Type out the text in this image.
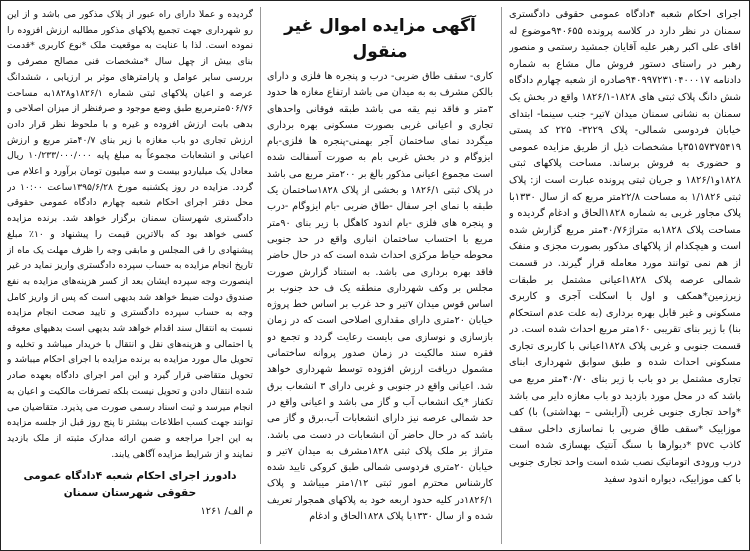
اجرای احکام شعبه ۴دادگاه عمومی حقوقی دادگستری سمنان در نظر دارد در کلاسه پرونده ۹۴۰۶۵۵موضوع له اقای علی اکبر رهبر علیه آقایان جمشید رستمی و منصور رهبر در راستای دستور فروش مال مشاع به شماره دادنامه ۹۴۰۹۹۷۲۳۱۰۴۰۰۰۱۷صادره از شعبه چهارم دادگاه شش دانگ پلاک ثبتی های ۱۸۲۸-۱۸۲۶/۱ واقع در بخش یک سمنان به نشانی سمنان میدان ۷تیر- جنب سینما- ابتدای خیابان فردوسی شمالی- پلاک ۳۲۲۹- ۲۲۵ کد پستی ۳۵۱۵۷۳۷۵۴۱۹با مشخصات ذیل از طریق مزایده عمومی و حضوری به فروش برساند. مساحت پلاکهای ثبتی ۱۸۲۸و۱۸۲۶/۱ و جریان ثبتی پرونده عبارت است از: پلاک ثبتی ۱/۱۸۲۶ به مساحت ۲۲/۸متر مربع که از سال ۱۳۳۰با پلاک مجاور غربی به شماره ۱۸۲۸الحاق و ادغام گردیده و مساحت پلاک ۱۸۲۸به متراژ۴۰/۷۶متر مربع گزارش شده است و هیچکدام از پلاکهای مذکور بصورت مجزی و منفک از هم نمی توانند مورد معامله قرار گیرند. در قسمت شمالی عرصه پلاک ۱۸۲۸اعیانی مشتمل بر طبقات زیرزمین*همکف و اول با اسکلت آجری و کاربری مسکونی و غیر قابل بهره برداری (به علت عدم استحکام بنا) با زیر بنای تقریبی ۱۶۰متر مربع احداث شده است. در قسمت جنوبی و غربی پلاک ۱۸۲۸اعیانی با کاربری تجاری مسکونی احداث شده و طبق سوابق شهرداری ابنای تجاری مشتمل بر دو باب با زیر بنای ۴۰/۷۰متر مربع می باشد که در محل مورد بازدید دو باب مغازه دایر می باشد *واحد تجاری جنوبی غربی (آرایشی – بهداشتی) با) کف موزاییک *سقف طاق ضربی با نماسازی داخلی سقف کاذب pvc *دیوارها با سنگ آنتیک بهسازی شده است درب ورودی اتوماتیک نصب شده است واحد تجاری جنوبی با کف موزاییک، دیواره اندود سفید

آگهی مزایده اموال غیر منقول

کاری- سقف طاق ضربی- درب و پنجره ها فلزی و دارای بالکن مشرف به به میدان می باشد ارتفاع مغازه ها حدود ۳متر و فاقد نیم یقه می باشد طبقه فوقانی واحدهای تجاری و اعیانی غربی بصورت مسکونی بهره برداری میگردد نمای ساختمان آجر بهمنی-پنجره ها فلزی-بام ایزوگام و در بخش غربی بام به صورت آسفالت شده است مجموع اعیانی مذکور بالغ بر ۲۰۰متر مربع می باشد در پلاک ثبتی ۱۸۲۶/۱ و بخشی از پلاک ۱۸۲۸ساختمان یک طبقه با نمای اجر سفال -طاق ضربی -بام ایزوگام -درب و پنجره های فلزی -بام اندود کاهگل با زیر بنای ۹۰متر مربع با احتساب ساختمان انباری واقع در حد جنوبی محوطه حیاط مرکزی احداث شده است که در حال حاضر فاقد بهره برداری می باشد. به استناد گزارش صورت مجلس بر وکف شهرداری منطقه یک ف حد جنوب بر اساس قوس میدان ۷تیر و حد غرب بر اساس خط پروژه خیابان ۲۰متری دارای مقداری اصلاحی است که در زمان بازسازی و نوسازی می بایست رعایت گردد و تجمع دو فقره سند مالکیت در زمان صدور پروانه ساختمانی مشمول دریافت ارزش افزوده توسط شهرداری خواهد شد. اعیانی واقع در جنوبی و غربی دارای ۳ انشعاب برق تکفاز *یک انشعاب آب و گاز می باشد و اعیانی واقع در حد شمالی عرصه نیز دارای انشعابات آب،برق و گاز می باشد که در حال حاضر آن انشعابات در دست می باشد. متراژ بر ملک پلاک ثبتی ۱۸۲۸مشرف به میدان ۷تیر و خیابان ۲۰متری فردوسی شمالی طبق کروکی تایید شده کارشناس محترم امور ثبتی ۱/۱۲متر میباشد و پلاک ۱۸۲۶/۱در کلیه حدود اربعه خود به پلاکهای همجوار تعریف شده و از سال ۱۳۳۰با پلاک ۱۸۲۸الحاق و ادغام

گردیده و عملا دارای راه عبور از پلاک مذکور می باشد و از این رو شهرداری جهت تجمیع پلاکهای مذکور مطالبه ارزش افزوده را نموده است. لذا با عنایت به موقعیت ملک *نوع کاربری *قدمت بنای بیش از چهل سال *مشخصات فنی مصالح مصرفی و بررسی سایر عوامل و پارامترهای موثر بر ارزیابی ، ششدانگ عرصه و اعیان پلاکهای ثبتی شماره ۱۸۲۶/۱و۱۸۲۸به مساحت ۵۰۶/۷۶مترمربع طبق وضع موجود و صرفنظر از میزان اصلاحی و بدهی بابت ارزش افزوده و غیره و با ملحوظ نظر قرار دادن ارزش تجاری دو باب مغازه با زیر بنای ۴۰/۷متر مربع و ارزش اعیانی و انشعابات مجموعاً به مبلغ پایه ۱۰/۲۳۳/۰۰۰/۰۰۰ ریال معادل یک میلیاردو بیست و سه میلیون تومان برآورد و اعلام می گردد. مزایده در روز یکشنبه مورخ ۱۳۹۵/۶/۲۸ساعت ۱۰:۰۰ در محل دفتر اجرای احکام شعبه چهارم دادگاه عمومی حقوقی دادگستری شهرستان سمنان برگزار خواهد شد. برنده مزایده کسی خواهد بود که بالاترین قیمت را پیشنهاد و ۱۰٪ مبلغ پیشنهادی را فی المجلس و مابقی وجه را ظرف مهلت یک ماه از تاریخ انجام مزایده به حساب سپرده دادگستری واریز نماید در غیر اینصورت وجه سپرده ایشان بعد از کسر هزینه‌های مزایده به نفع صندوق دولت ضبط خواهد شد بدیهی است که پس از واریز کامل وجه به حساب سپرده دادگستری و تایید صحت انجام مزایده نسبت به انتقال سند اقدام خواهد شد بدیهی است بدهیهای معوقه یا احتمالی و هزینه‌های نقل و انتقال با خریدار میباشد و تخلیه و تحویل مال مورد مزایده به برنده مزایده با اجرای احکام میباشد و تحویل متقاضی قرار گیرد و این امر اجرای دادگاه بعهده صادر شده انتقال دادن و تحویل نیست بلکه تصرفات مالکیت و اعیان به انجام میرسد و ثبت اسناد رسمی صورت می پذیرد. متقاضیان می توانند جهت کسب اطلاعات بیشتر تا پنج روز قبل از جلسه مزایده به این اجرا مراجعه و ضمن ارائه مدارک مثبته از ملک بازدید نمایند و از شرایط مزایده آگاهی یابند.

دادورز اجرای احکام شعبه ۴دادگاه عمومی حقوقی شهرستان سمنان
م الف/ ۱۲۶۱
